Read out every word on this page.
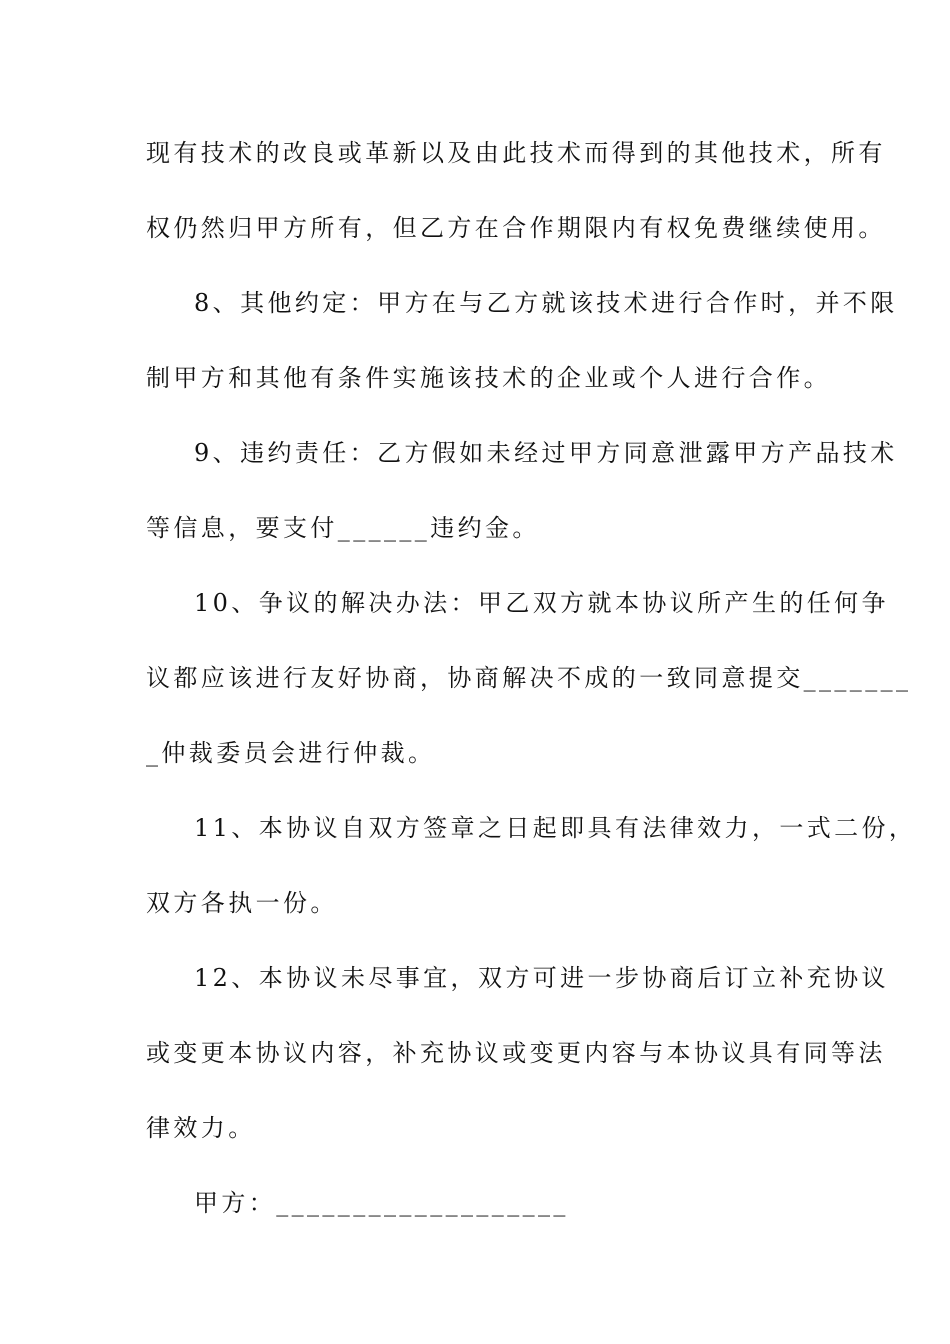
现有技术的改良或革新以及由此技术而得到的其他技术，所有
权仍然归甲方所有，但乙方在合作期限内有权免费继续使用。
8、其他约定：甲方在与乙方就该技术进行合作时，并不限
制甲方和其他有条件实施该技术的企业或个人进行合作。
9、违约责任：乙方假如未经过甲方同意泄露甲方产品技术
等信息，要支付______违约金。
10、争议的解决办法：甲乙双方就本协议所产生的任何争
议都应该进行友好协商，协商解决不成的一致同意提交_______
_仲裁委员会进行仲裁。
11、本协议自双方签章之日起即具有法律效力，一式二份，
双方各执一份。
12、本协议未尽事宜，双方可进一步协商后订立补充协议
或变更本协议内容，补充协议或变更内容与本协议具有同等法
律效力。
甲方：___________________
